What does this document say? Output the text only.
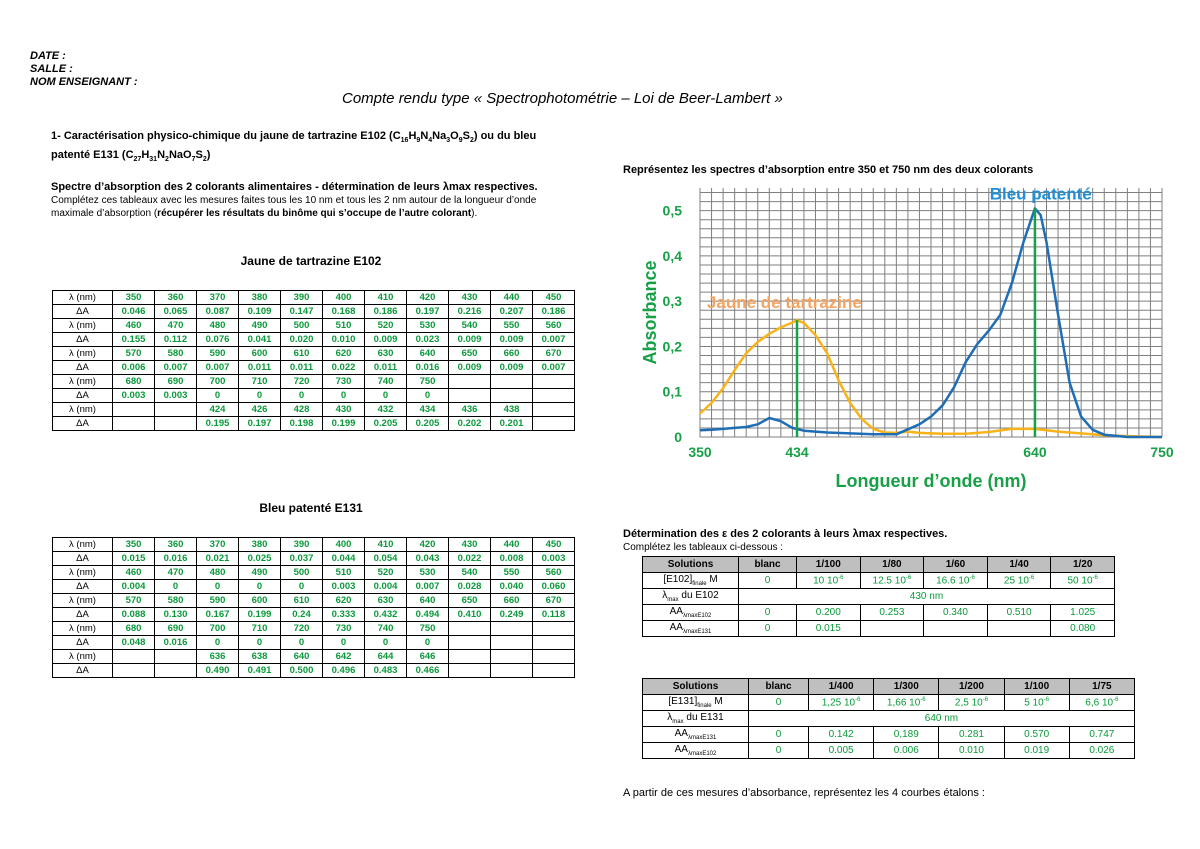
DATE :
SALLE :
NOM ENSEIGNANT :
Compte rendu type « Spectrophotométrie – Loi de Beer-Lambert »
1- Caractérisation physico-chimique du jaune de tartrazine E102 $(C_{16}H_9N_4Na_3O_9S_2)$ ou du bleu
patenté E131 $(C_{27}H_{31}N_2NaO_7S_2)$
Spectre d’absorption des 2 colorants alimentaires - détermination de leurs λmax respectives.
Complétez ces tableaux avec les mesures faites tous les 10 nm et tous les 2 nm autour de la longueur d’onde maximale d’absorption (récupérer les résultats du binôme qui s’occupe de l’autre colorant).
Jaune de tartrazine E102
λ (nm)	350	360	370	380	390	400	410	420	430	440	450
ΔA	0.046	0.065	0.087	0.109	0.147	0.168	0.186	0.197	0.216	0.207	0.186
λ (nm)	460	470	480	490	500	510	520	530	540	550	560
ΔA	0.155	0.112	0.076	0.041	0.020	0.010	0.009	0.023	0.009	0.009	0.007
λ (nm)	570	580	590	600	610	620	630	640	650	660	670
ΔA	0.006	0.007	0.007	0.011	0.011	0.022	0.011	0.016	0.009	0.009	0.007
λ (nm)	680	690	700	710	720	730	740	750			
ΔA	0.003	0.003	0	0	0	0	0	0			
λ (nm)			424	426	428	430	432	434	436	438	
ΔA			0.195	0.197	0.198	0.199	0.205	0.205	0.202	0.201	
Bleu patenté E131
λ (nm)	350	360	370	380	390	400	410	420	430	440	450
ΔA	0.015	0.016	0.021	0.025	0.037	0.044	0.054	0.043	0.022	0.008	0.003
λ (nm)	460	470	480	490	500	510	520	530	540	550	560
ΔA	0.004	0	0	0	0	0.003	0.004	0.007	0.028	0.040	0.060
λ (nm)	570	580	590	600	610	620	630	640	650	660	670
ΔA	0.088	0.130	0.167	0.199	0.24	0.333	0.432	0.494	0.410	0.249	0.118
λ (nm)	680	690	700	710	720	730	740	750			
ΔA	0.048	0.016	0	0	0	0	0	0			
λ (nm)			636	638	640	642	644	646			
ΔA			0.490	0.491	0.500	0.496	0.483	0.466			
Représentez les spectres d’absorption entre 350 et 750 nm des deux colorants
0
0,1
0,2
0,3
0,4
0,5
350	434	640	750
Longueur d’onde (nm)
Absorbance	Jaune de tartrazine
Bleu patenté
Détermination des ε des 2 colorants à leurs λmax respectives.
Complétez les tableaux ci-dessous :
Solutions	blanc	1/100	1/80	1/60	1/40	1/20
$[E102]_{finale}$ M	0	10 $10^{-6}$	12.5 $10^{-6}$	16.6 $10^{-6}$	25 $10^{-6}$	50 $10^{-6}$
$\lambda_{max}$ du E102	430 nm					
$AA_{\lambda maxE102}$	0	0.200	0.253	0.340	0.510	1.025
$AA_{\lambda maxE131}$	0	0.015				0.080
Solutions	blanc	1/400	1/300	1/200	1/100	1/75
$[E131]_{finale}$ M	0	1,25 $10^{-6}$	1,66 $10^{-6}$	2,5 $10^{-6}$	5 $10^{-6}$	6,6 $10^{-6}$
$\lambda_{max}$ du E131	640 nm					
$AA_{\lambda maxE131}$	0	0.142	0,189	0.281	0.570	0.747
$AA_{\lambda maxE102}$	0	0.005	0.006	0.010	0.019	0.026
A partir de ces mesures d’absorbance, représentez les 4 courbes étalons :
